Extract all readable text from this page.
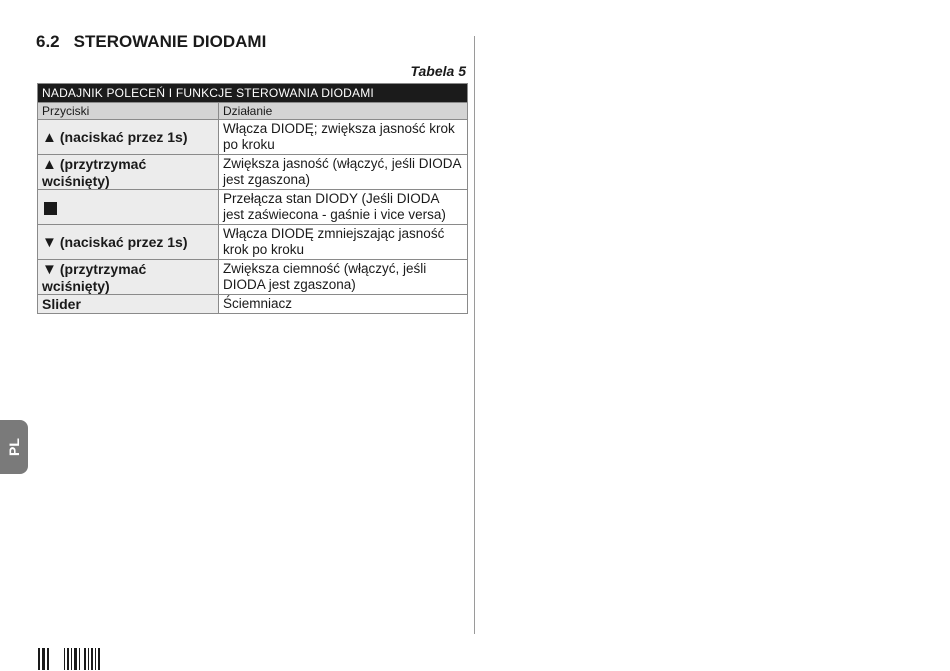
6.2 STEROWANIE DIODAMI
Tabela 5
NADAJNIK POLECEŃ I FUNKCJE STEROWANIA DIODAMI	
Przyciski	Działanie
▲ (naciskać przez 1s)	Włącza DIODĘ; zwiększa jasność krok po kroku
▲ (przytrzymać wciśnięty)	Zwiększa jasność (włączyć, jeśli DIODA jest zgaszona)
	Przełącza stan DIODY (Jeśli DIODA jest zaświecona - gaśnie i vice versa)
▼ (naciskać przez 1s)	Włącza DIODĘ zmniejszając jasność krok po kroku
▼ (przytrzymać wciśnięty)	Zwiększa ciemność (włączyć, jeśli DIODA jest zgaszona)
Slider	Ściemniacz
PL
